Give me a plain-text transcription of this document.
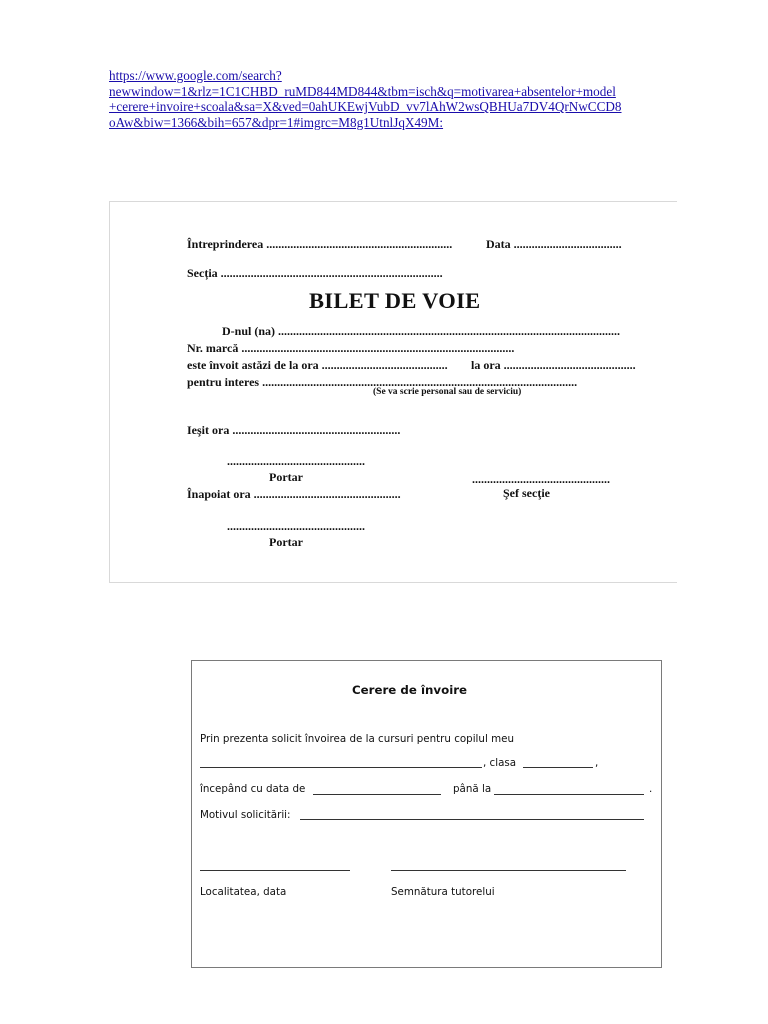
https://www.google.com/search?
newwindow=1&rlz=1C1CHBD_ruMD844MD844&tbm=isch&q=motivarea+absentelor+model
+cerere+invoire+scoala&sa=X&ved=0ahUKEwjVubD_vv7lAhW2wsQBHUa7DV4QrNwCCD8
oAw&biw=1366&bih=657&dpr=1#imgrc=M8g1UtnlJqX49M:
Întreprinderea ..............................................................	Data ....................................
Secția ..........................................................................
BILET DE VOIE
D-nul (na) ..................................................................................................................
Nr. marcă ...........................................................................................
este învoit astăzi de la ora .......................................... la ora ............................................
pentru interes .........................................................................................................
(Se va scrie personal sau de serviciu)
Ieşit ora ........................................................
..............................................
Portar	..............................................
Înapoiat ora .................................................	Şef secţie
..............................................
Portar
Cerere de învoire
Prin prezenta solicit învoirea de la cursuri pentru copilul meu
, clasa	,
începând cu data de	până la	.
Motivul solicitării:
Localitatea, data	Semnătura tutorelui
